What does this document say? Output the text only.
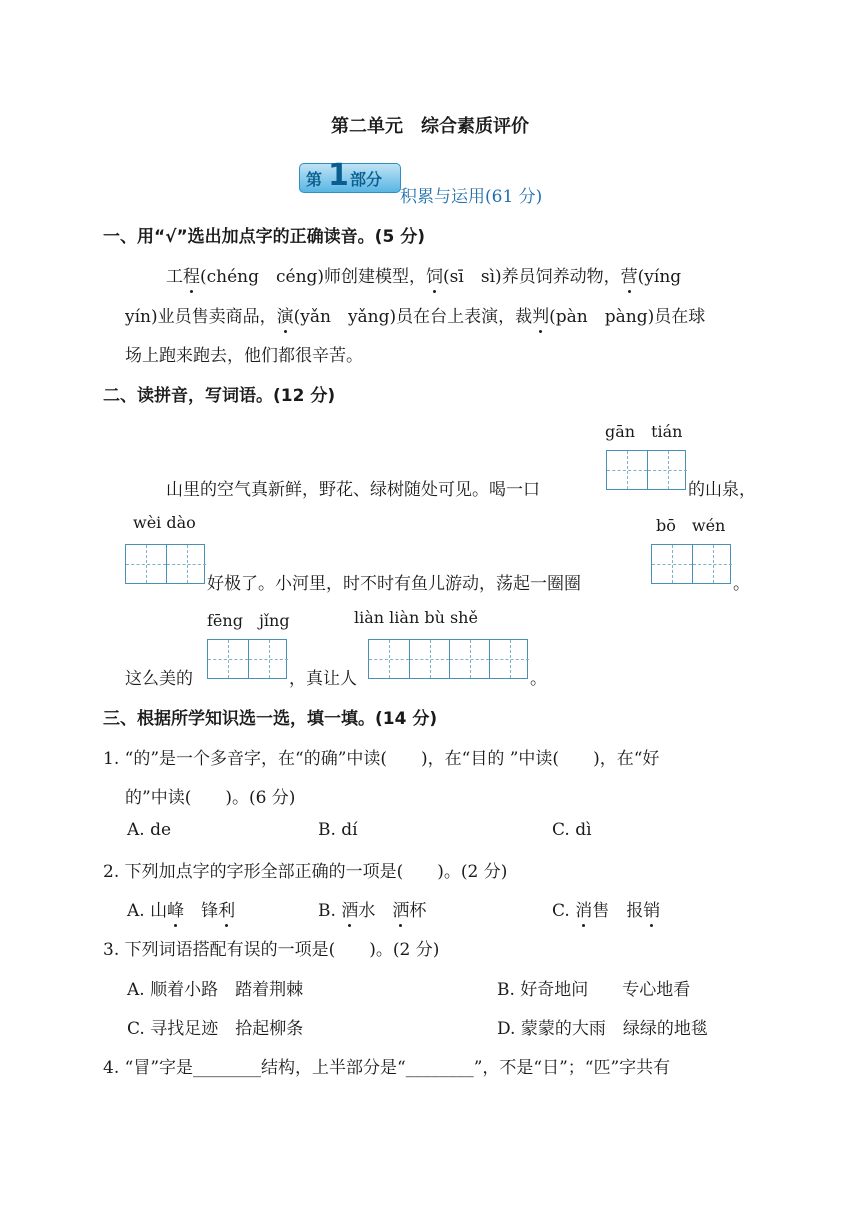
第二单元　综合素质评价
第 1 部分
积累与运用(61 分)
一、用“√”选出加点字的正确读音。(5 分)
工程(chéng　céng)师创建模型，饲(sī　sì)养员饲养动物，营(yíng
yín)业员售卖商品，演(yǎn　yǎng)员在台上表演，裁判(pàn　pàng)员在球
场上跑来跑去，他们都很辛苦。
二、读拼音，写词语。(12 分)
gān　tián
山里的空气真新鲜，野花、绿树随处可见。喝一口	的山泉，
wèi dào	bō　wén
好极了。小河里，时不时有鱼儿游动，荡起一圈圈	。
fēng　jǐng	liàn liàn bù shě
这么美的	，真让人	。
三、根据所学知识选一选，填一填。(14 分)
1. “的”是一个多音字，在“的确”中读(　　)，在“目的 ”中读(　　)，在“好
的”中读(　　)。(6 分)
A. de	B. dí	C. dì
2. 下列加点字的字形全部正确的一项是(　　)。(2 分)
A. 山峰　锋利	B. 酒水　洒杯	C. 消售　报销
3. 下列词语搭配有误的一项是(　　)。(2 分)
A. 顺着小路　踏着荆棘	B. 好奇地问　　专心地看
C. 寻找足迹　拾起柳条	D. 蒙蒙的大雨　绿绿的地毯
4. “冒”字是________结构，上半部分是“________”，不是“日”；“匹”字共有
